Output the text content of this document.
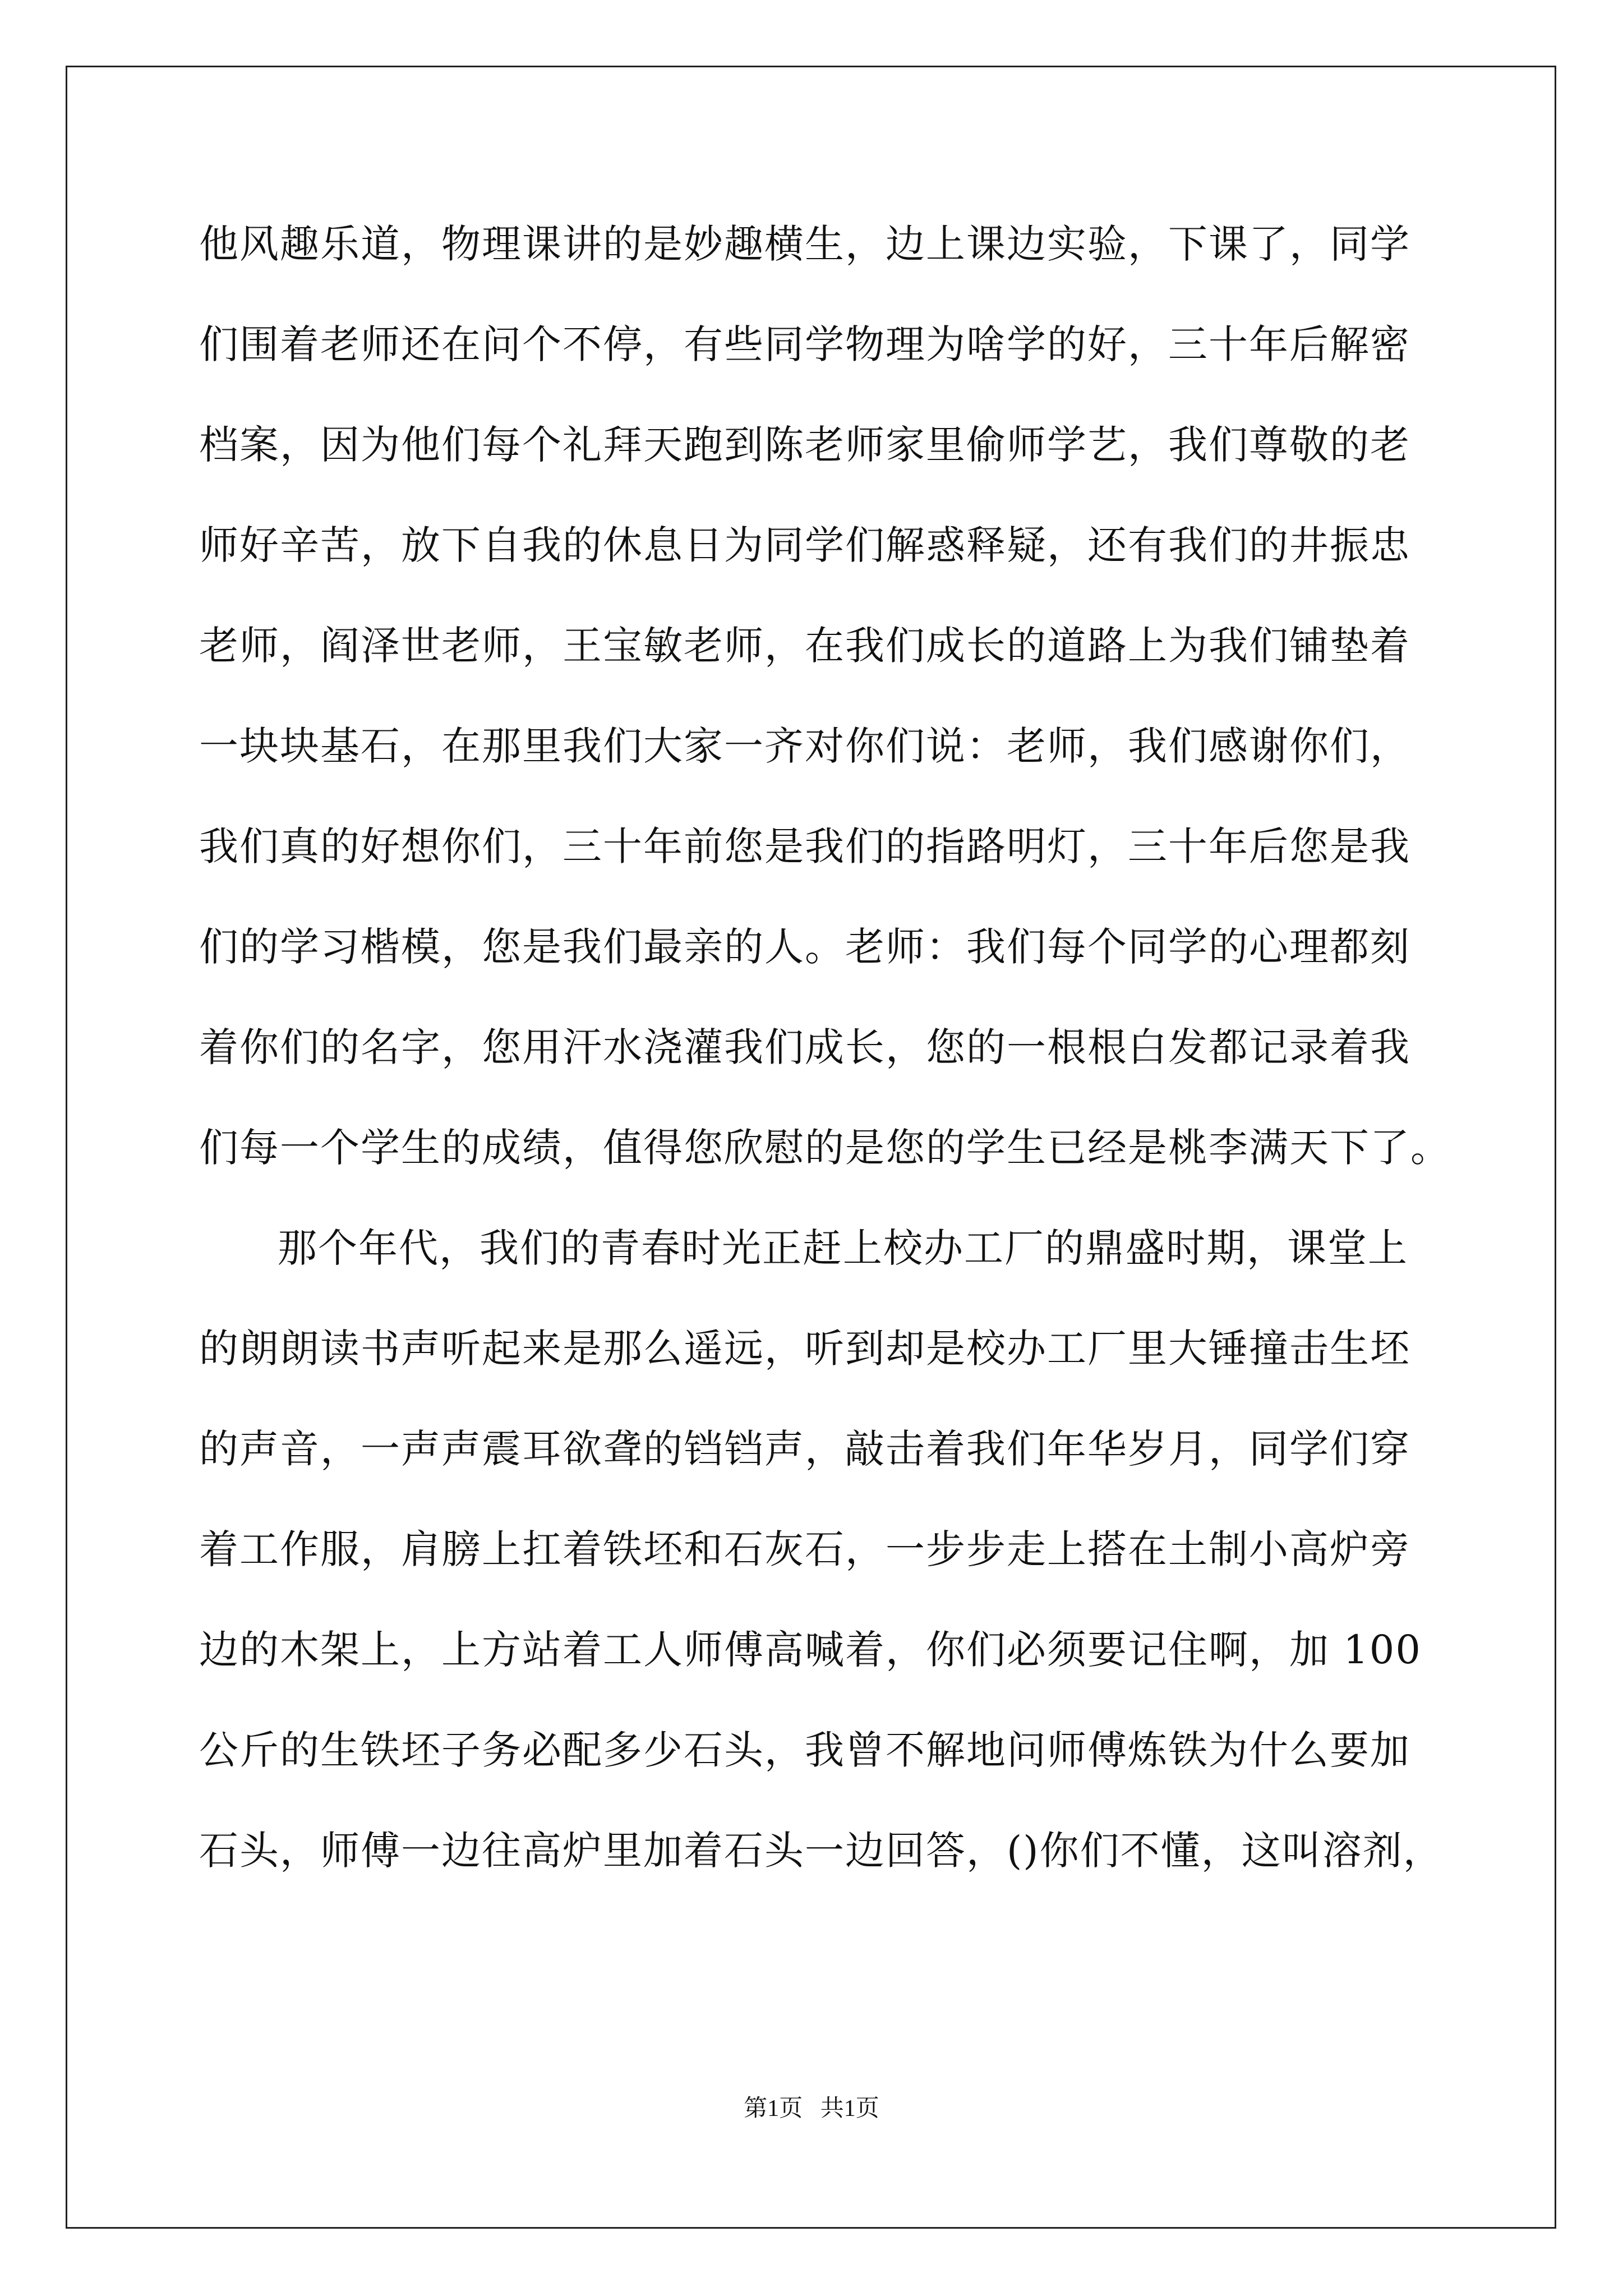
他风趣乐道，物理课讲的是妙趣横生，边上课边实验，下课了，同学
们围着老师还在问个不停，有些同学物理为啥学的好，三十年后解密
档案，因为他们每个礼拜天跑到陈老师家里偷师学艺，我们尊敬的老
师好辛苦，放下自我的休息日为同学们解惑释疑，还有我们的井振忠
老师，阎泽世老师，王宝敏老师，在我们成长的道路上为我们铺垫着
一块块基石，在那里我们大家一齐对你们说：老师，我们感谢你们，
我们真的好想你们，三十年前您是我们的指路明灯，三十年后您是我
们的学习楷模，您是我们最亲的人。老师：我们每个同学的心理都刻
着你们的名字，您用汗水浇灌我们成长，您的一根根白发都记录着我
们每一个学生的成绩，值得您欣慰的是您的学生已经是桃李满天下了。
那个年代，我们的青春时光正赶上校办工厂的鼎盛时期，课堂上
的朗朗读书声听起来是那么遥远，听到却是校办工厂里大锤撞击生坯
的声音，一声声震耳欲聋的铛铛声，敲击着我们年华岁月，同学们穿
着工作服，肩膀上扛着铁坯和石灰石，一步步走上搭在土制小高炉旁
边的木架上，上方站着工人师傅高喊着，你们必须要记住啊，加 100
公斤的生铁坯子务必配多少石头，我曾不解地问师傅炼铁为什么要加
石头，师傅一边往高炉里加着石头一边回答，()你们不懂，这叫溶剂，
第1页 共1页
